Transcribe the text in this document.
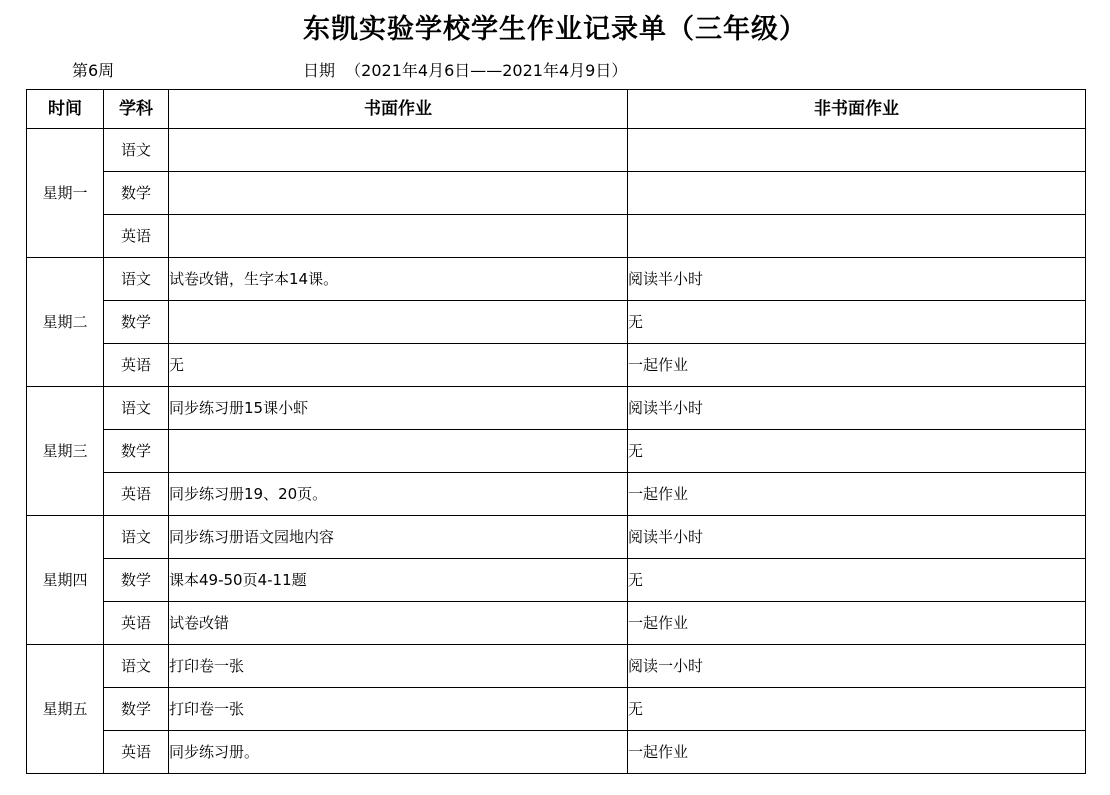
东凯实验学校学生作业记录单（三年级）
第6周	日期  （2021年4月6日——2021年4月9日）
时间	学科	书面作业	非书面作业
星期一	语文		
	数学		
	英语		
星期二	语文	试卷改错，生字本14课。	阅读半小时
	数学		无
	英语	无	一起作业
星期三	语文	同步练习册15课小虾	阅读半小时
	数学		无
	英语	同步练习册19、20页。	一起作业
星期四	语文	同步练习册语文园地内容	阅读半小时
	数学	课本49-50页4-11题	无
	英语	试卷改错	一起作业
星期五	语文	打印卷一张	阅读一小时
	数学	打印卷一张	无
	英语	同步练习册。	一起作业
